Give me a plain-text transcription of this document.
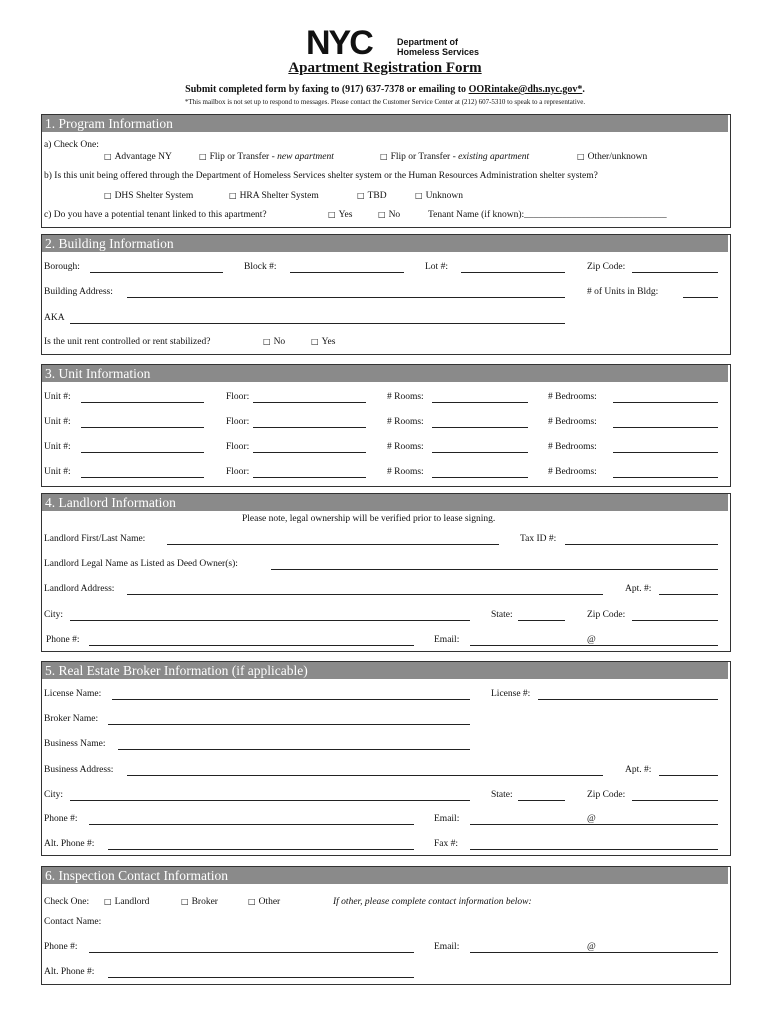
NYC	Department of
Homeless Services
Apartment Registration Form
Submit completed form by faxing to (917) 637-7378 or emailing to OORintake@dhs.nyc.gov*.
*This mailbox is not set up to respond to messages. Please contact the Customer Service Center at (212) 607-5310 to speak to a representative.
1. Program Information
a) Check One:
□ Advantage NY	□ Flip or Transfer - new apartment	□ Flip or Transfer - existing apartment	□ Other/unknown
b) Is this unit being offered through the Department of Homeless Services shelter system or the Human Resources Administration shelter system?
□ DHS Shelter System	□ HRA Shelter System	□ TBD	□ Unknown
c) Do you have a potential tenant linked to this apartment?	□ Yes	□ No	Tenant Name (if known):______________________________
2. Building Information
Borough:	Block #:	Lot #:	Zip Code:
Building Address:	# of Units in Bldg:
AKA
Is the unit rent controlled or rent stabilized?	□ No	□ Yes
3. Unit Information
Unit #:	Floor:	# Rooms:	# Bedrooms:
Unit #:	Floor:	# Rooms:	# Bedrooms:
Unit #:	Floor:	# Rooms:	# Bedrooms:
Unit #:	Floor:	# Rooms:	# Bedrooms:
4. Landlord Information
Please note, legal ownership will be verified prior to lease signing.
Landlord First/Last Name:	Tax ID #:
Landlord Legal Name as Listed as Deed Owner(s):
Landlord Address:	Apt. #:
City:	State:	Zip Code:
Phone #:	Email:	@
5. Real Estate Broker Information (if applicable)
License Name:	License #:
Broker Name:
Business Name:
Business Address:	Apt. #:
City:	State:	Zip Code:
Phone #:	Email:	@
Alt. Phone #:	Fax #:
6. Inspection Contact Information
Check One:	□ Landlord	□ Broker	□ Other	If other, please complete contact information below:
Contact Name:
Phone #:	Email:	@
Alt. Phone #:
